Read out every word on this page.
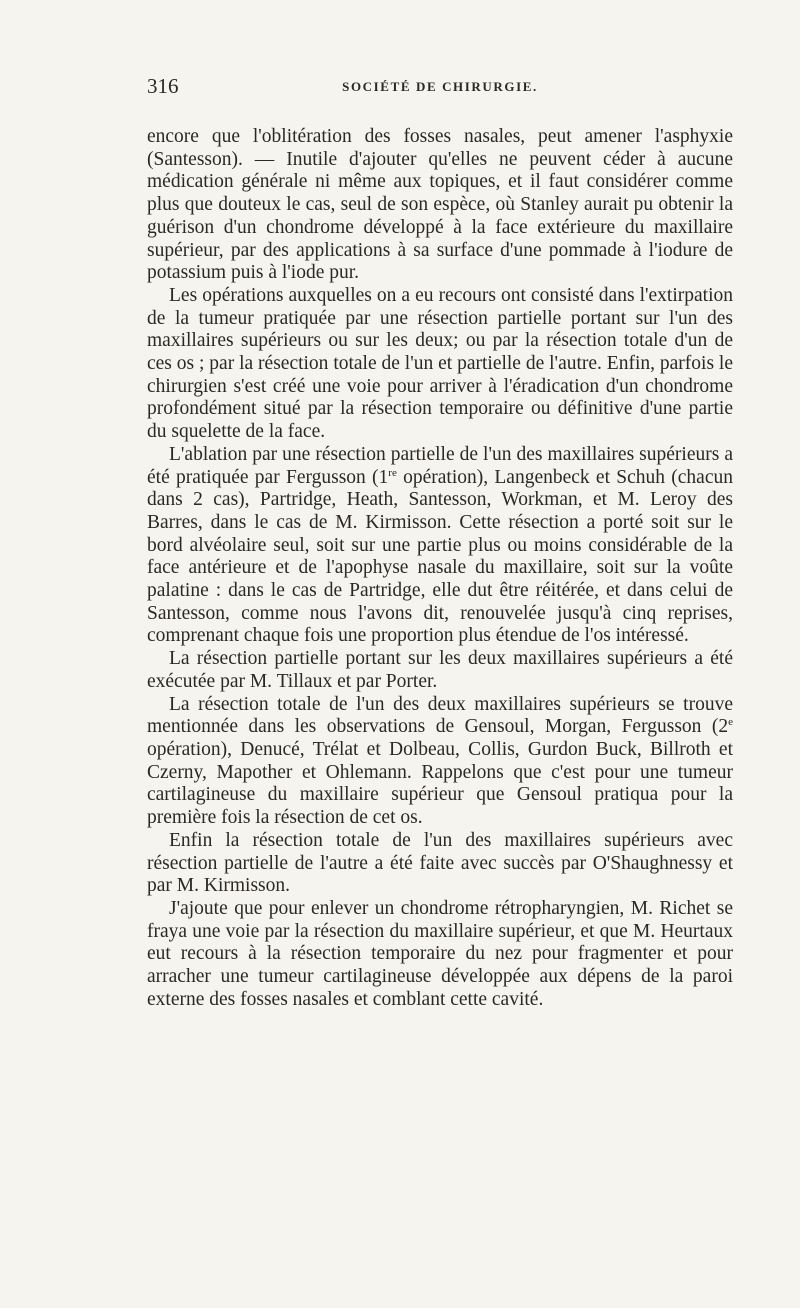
316	SOCIÉTÉ DE CHIRURGIE.

encore que l'oblitération des fosses nasales, peut amener l'asphyxie (Santesson). — Inutile d'ajouter qu'elles ne peuvent céder à aucune médication générale ni même aux topiques, et il faut considérer comme plus que douteux le cas, seul de son espèce, où Stanley aurait pu obtenir la guérison d'un chondrome développé à la face extérieure du maxillaire supérieur, par des applications à sa surface d'une pommade à l'iodure de potassium puis à l'iode pur.

Les opérations auxquelles on a eu recours ont consisté dans l'extirpation de la tumeur pratiquée par une résection partielle portant sur l'un des maxillaires supérieurs ou sur les deux; ou par la résection totale d'un de ces os ; par la résection totale de l'un et partielle de l'autre. Enfin, parfois le chirurgien s'est créé une voie pour arriver à l'éradication d'un chondrome profondément situé par la résection temporaire ou définitive d'une partie du squelette de la face.

L'ablation par une résection partielle de l'un des maxillaires supérieurs a été pratiquée par Fergusson (1re opération), Langenbeck et Schuh (chacun dans 2 cas), Partridge, Heath, Santesson, Workman, et M. Leroy des Barres, dans le cas de M. Kirmisson. Cette résection a porté soit sur le bord alvéolaire seul, soit sur une partie plus ou moins considérable de la face antérieure et de l'apophyse nasale du maxillaire, soit sur la voûte palatine : dans le cas de Partridge, elle dut être réitérée, et dans celui de Santesson, comme nous l'avons dit, renouvelée jusqu'à cinq reprises, comprenant chaque fois une proportion plus étendue de l'os intéressé.

La résection partielle portant sur les deux maxillaires supérieurs a été exécutée par M. Tillaux et par Porter.

La résection totale de l'un des deux maxillaires supérieurs se trouve mentionnée dans les observations de Gensoul, Morgan, Fergusson (2e opération), Denucé, Trélat et Dolbeau, Collis, Gurdon Buck, Billroth et Czerny, Mapother et Ohlemann. Rappelons que c'est pour une tumeur cartilagineuse du maxillaire supérieur que Gensoul pratiqua pour la première fois la résection de cet os.

Enfin la résection totale de l'un des maxillaires supérieurs avec résection partielle de l'autre a été faite avec succès par O'Shaughnessy et par M. Kirmisson.

J'ajoute que pour enlever un chondrome rétropharyngien, M. Richet se fraya une voie par la résection du maxillaire supérieur, et que M. Heurtaux eut recours à la résection temporaire du nez pour fragmenter et pour arracher une tumeur cartilagineuse développée aux dépens de la paroi externe des fosses nasales et comblant cette cavité.
